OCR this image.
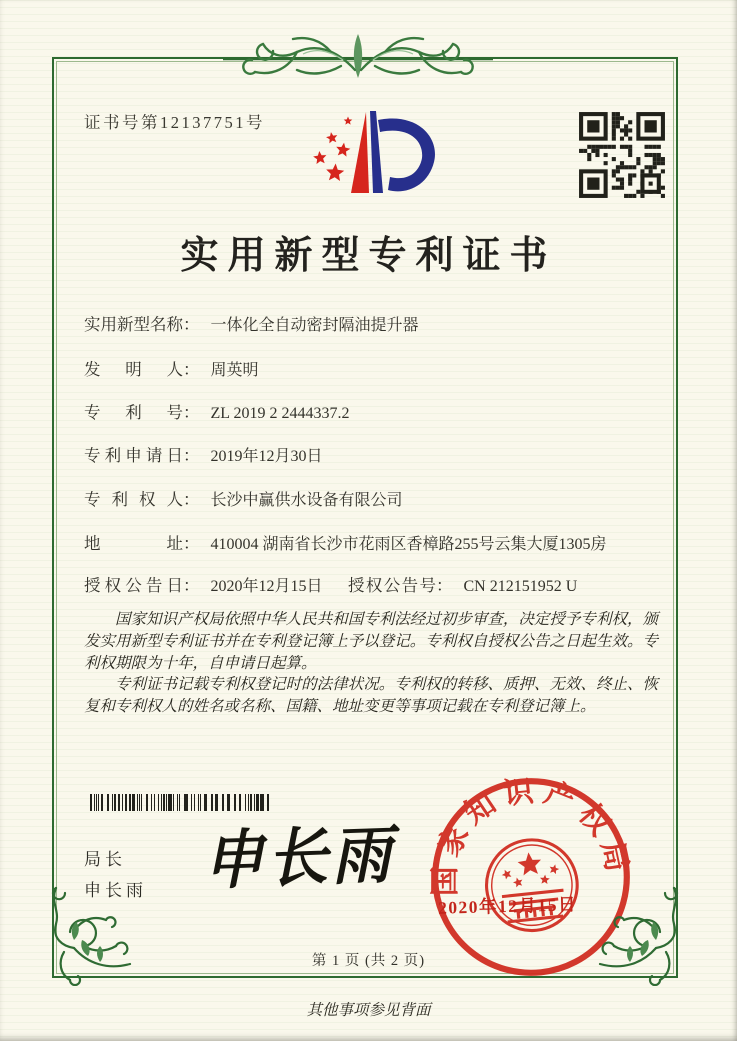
证书号第12137751号
实用新型专利证书
实用新型名称： 一体化全自动密封隔油提升器
发明人： 周英明
专利号： ZL 2019 2 2444337.2
专利申请日： 2019年12月30日
专利权人： 长沙中赢供水设备有限公司
地址： 410004 湖南省长沙市花雨区香樟路255号云集大厦1305房
授权公告日： 2020年12月15日 授权公告号： CN 212151952 U

国家知识产权局依照中华人民共和国专利法经过初步审查，决定授予专利权，颁发实用新型专利证书并在专利登记簿上予以登记。专利权自授权公告之日起生效。专利权期限为十年，自申请日起算。

专利证书记载专利权登记时的法律状况。专利权的转移、质押、无效、终止、恢复和专利权人的姓名或名称、国籍、地址变更等事项记载在专利登记簿上。

局长
申长雨 申长雨	国家知识产权局
2020年12月15日
第 1 页 (共 2 页)
其他事项参见背面
